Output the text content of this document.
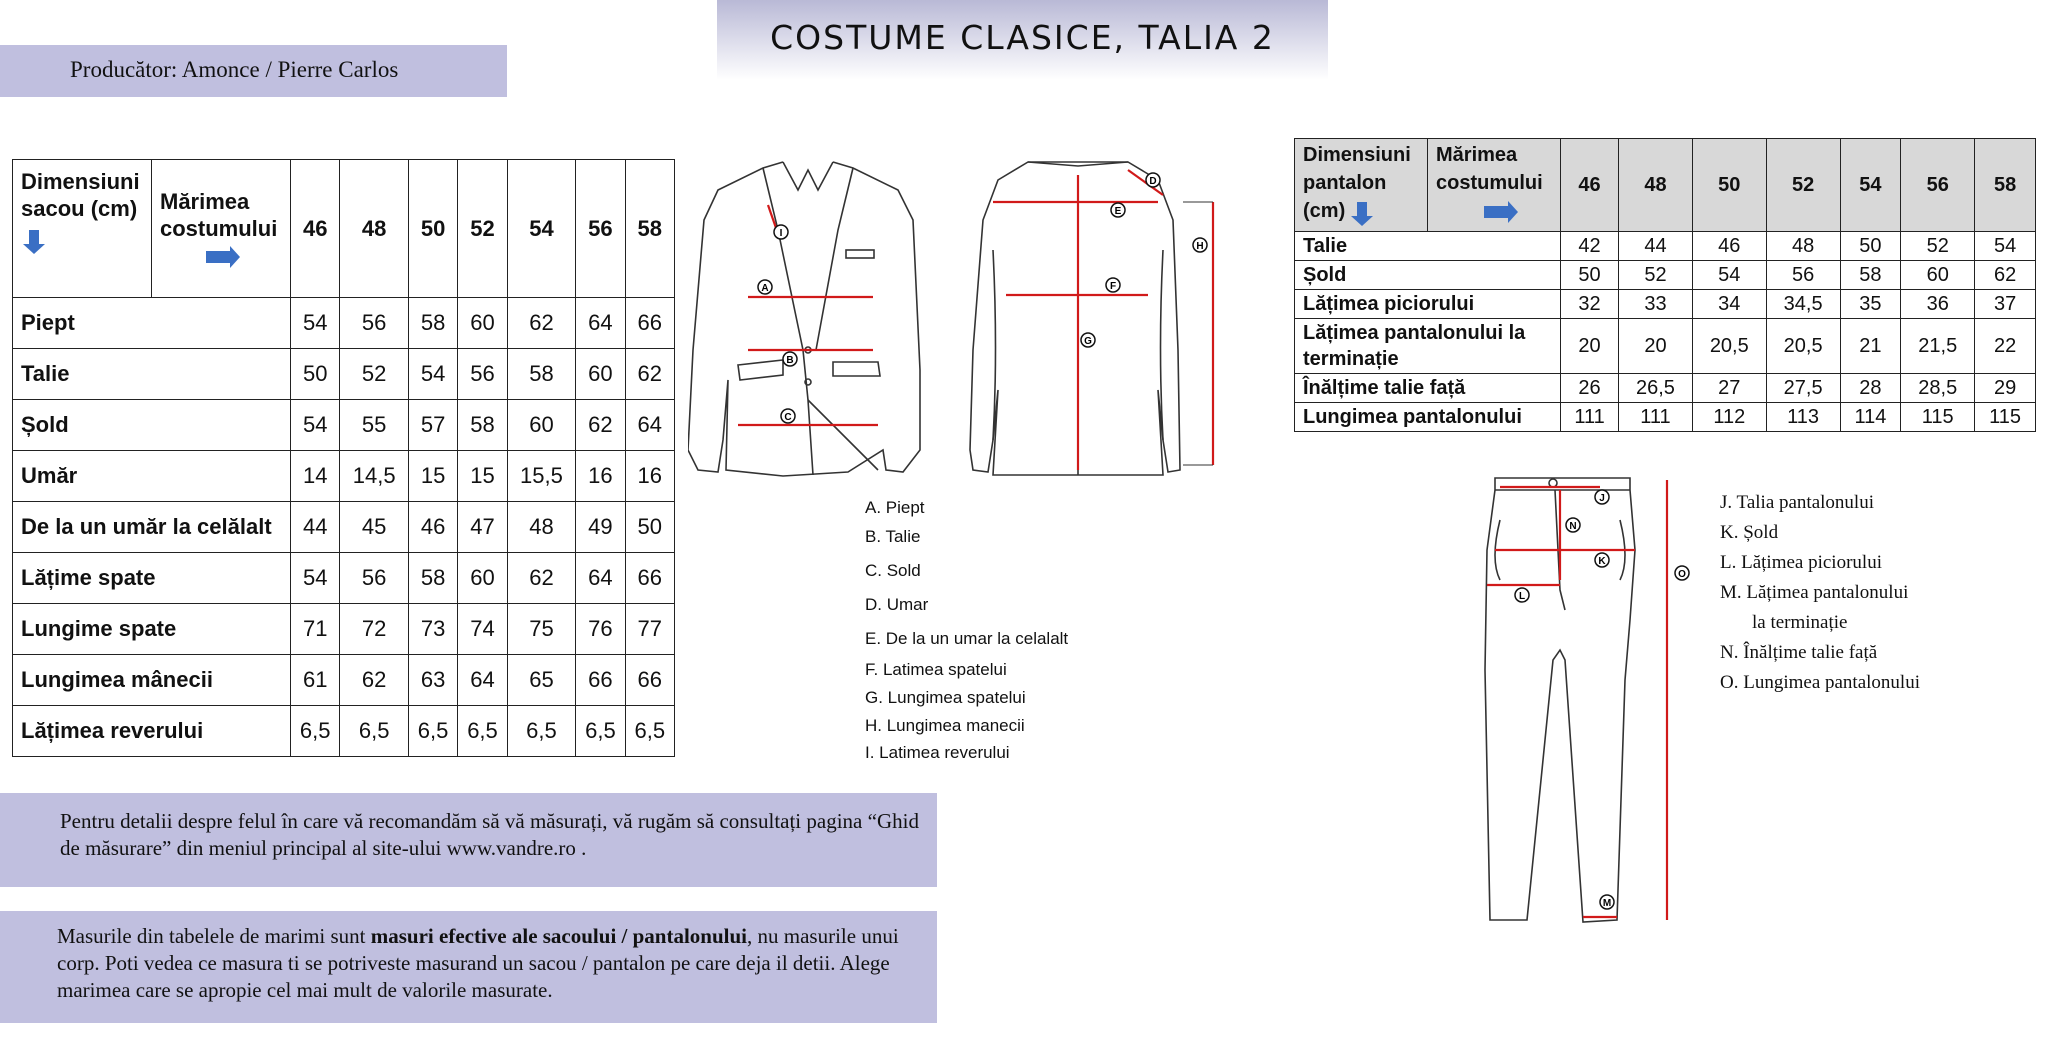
COSTUME CLASICE, TALIA 2
Producător: Amonce / Pierre Carlos
Dimensiuni sacou (cm)	Mărimea costumului	46	48	50	52	54	56	58
Piept		54	56	58	60	62	64	66
Talie		50	52	54	56	58	60	62
Șold		54	55	57	58	60	62	64
Umăr		14	14,5	15	15	15,5	16	16
De la un umăr la celălalt		44	45	46	47	48	49	50
Lățime spate		54	56	58	60	62	64	66
Lungime spate		71	72	73	74	75	76	77
Lungimea mânecii		61	62	63	64	65	66	66
Lățimea reverului		6,5	6,5	6,5	6,5	6,5	6,5	6,5
Dimensiuni pantalon (cm)	Mărimea costumului	46	48	50	52	54	56	58
Talie		42	44	46	48	50	52	54
Șold		50	52	54	56	58	60	62
Lățimea piciorului		32	33	34	34,5	35	36	37
Lățimea pantalonului la terminație		20	20	20,5	20,5	21	21,5	22
Înălțime talie față		26	26,5	27	27,5	28	28,5	29
Lungimea pantalonului		111	111	112	113	114	115	115
A
B
C
D
E
F
G
H
I
A. Piept
B. Talie
C. Sold
D. Umar
E. De la un umar la celalalt
F. Latimea spatelui
G. Lungimea spatelui
H. Lungimea manecii
I. Latimea reverului
J
K
L
M
N
O
J. Talia pantalonului
K. Șold
L. Lățimea piciorului
M. Lățimea pantalonului
la terminație
N. Înălțime talie față
O. Lungimea pantalonului

Pentru detalii despre felul în care vă recomandăm să vă măsurați, vă rugăm să consultați pagina “Ghid de măsurare” din meniul principal al site-ului www.vandre.ro .

Masurile din tabelele de marimi sunt masuri efective ale sacoului / pantalonului, nu masurile unui corp. Poti vedea ce masura ti se potriveste masurand un sacou / pantalon pe care deja il detii. Alege marimea care se apropie cel mai mult de valorile masurate.
